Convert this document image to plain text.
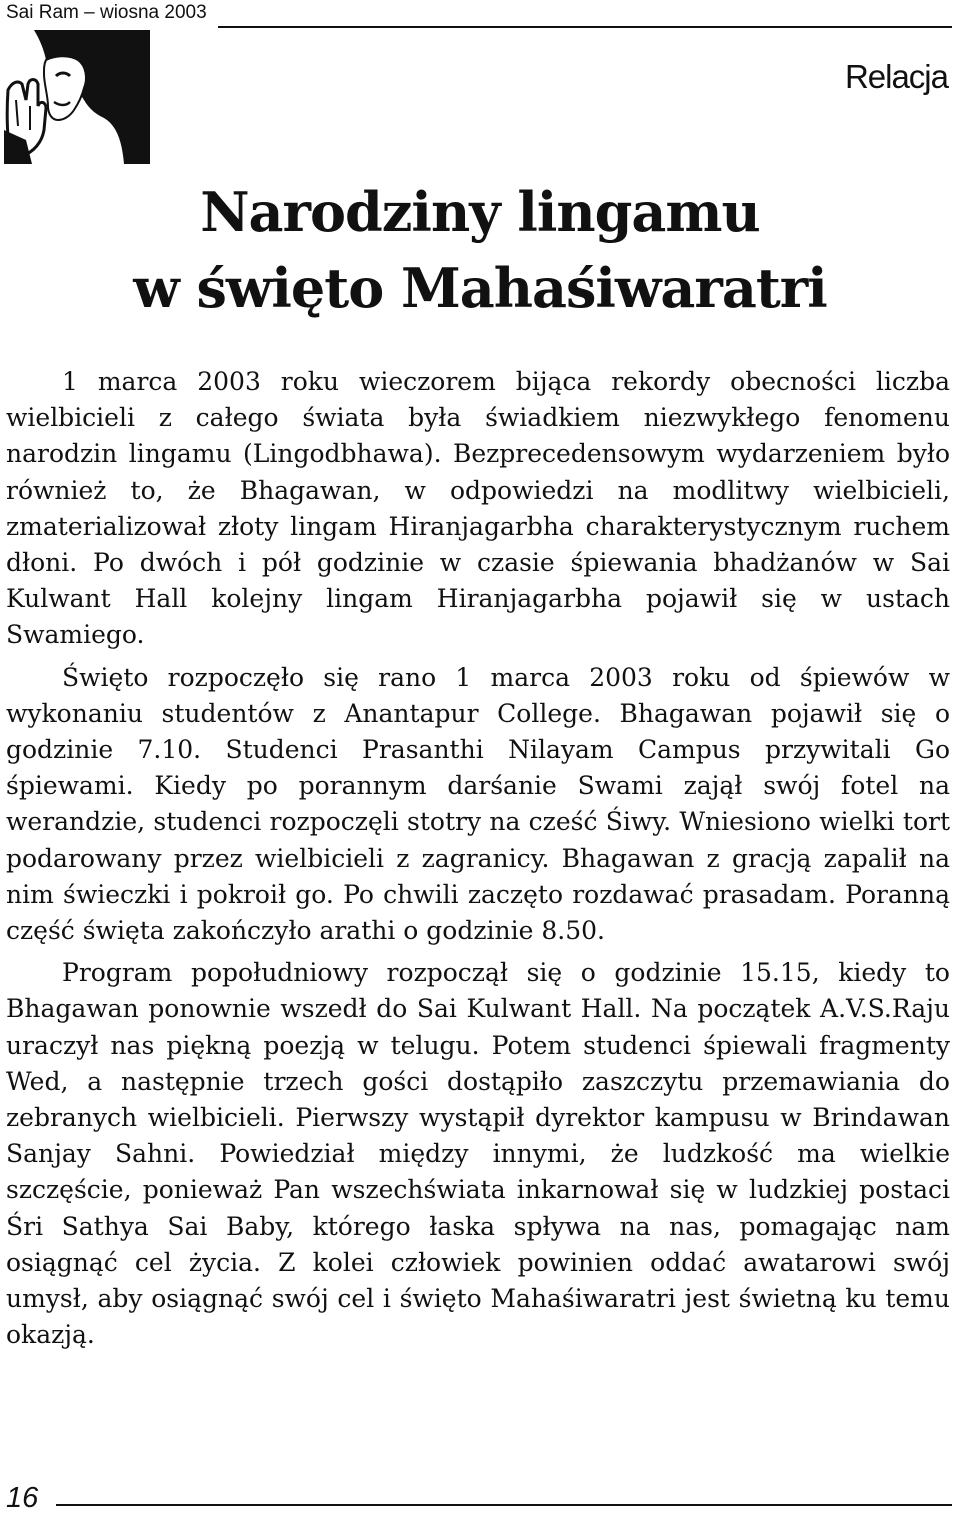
Sai Ram – wiosna 2003
Relacja
Narodziny lingamu
w święto Mahaśiwaratri

1 marca 2003 roku wieczorem bijąca rekordy obecności liczba wielbicieli z całego świata była świadkiem niezwykłego fenomenu narodzin lingamu (Lingodbhawa). Bezprecedensowym wydarzeniem było również to, że Bhagawan, w odpowiedzi na modlitwy wielbicieli, zmaterializował złoty lingam Hiranjagarbha charakterystycznym ruchem dłoni. Po dwóch i pół godzinie w czasie śpiewania bhadżanów w Sai Kulwant Hall kolejny lingam Hiranjagarbha pojawił się w ustach Swamiego.

Święto rozpoczęło się rano 1 marca 2003 roku od śpiewów w wykonaniu studentów z Anantapur College. Bhagawan pojawił się o godzinie 7.10. Studenci Prasanthi Nilayam Campus przywitali Go śpiewami. Kiedy po porannym darśanie Swami zajął swój fotel na werandzie, studenci rozpoczęli stotry na cześć Śiwy. Wniesiono wielki tort podarowany przez wielbicieli z zagranicy. Bhagawan z gracją zapalił na nim świeczki i pokroił go. Po chwili zaczęto rozdawać prasadam. Poranną część święta zakończyło arathi o godzinie 8.50.

Program popołudniowy rozpoczął się o godzinie 15.15, kiedy to Bhagawan ponownie wszedł do Sai Kulwant Hall. Na początek A.V.S.Raju uraczył nas piękną poezją w telugu. Potem studenci śpiewali fragmenty Wed, a następnie trzech gości dostąpiło zaszczytu przemawiania do zebranych wielbicieli. Pierwszy wystąpił dyrektor kampusu w Brindawan Sanjay Sahni. Powiedział między innymi, że ludzkość ma wielkie szczęście, ponieważ Pan wszechświata inkarnował się w ludzkiej postaci Śri Sathya Sai Baby, którego łaska spływa na nas, pomagając nam osiągnąć cel życia. Z kolei człowiek powinien oddać awatarowi swój umysł, aby osiągnąć swój cel i święto Mahaśiwaratri jest świetną ku temu okazją.

16
